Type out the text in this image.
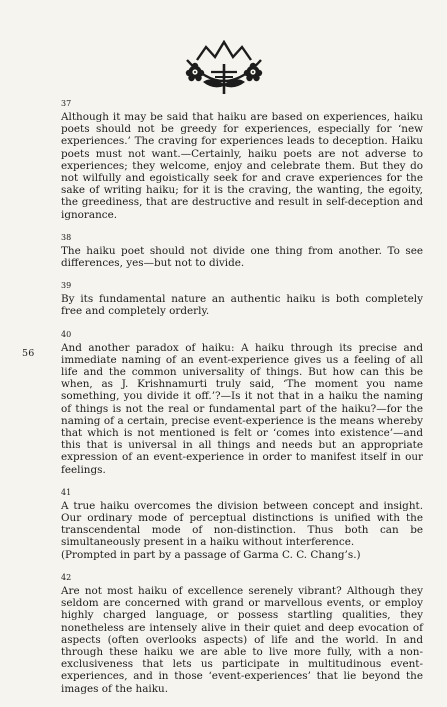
56

37

Although it may be said that haiku are based on experiences, haiku poets should not be greedy for experiences, especially for ‘new experiences.’ The craving for experiences leads to deception. Haiku poets must not want.—Certainly, haiku poets are not adverse to experiences; they welcome, enjoy and celebrate them. But they do not wilfully and egoistically seek for and crave experiences for the sake of writing haiku; for it is the craving, the wanting, the egoity, the greediness, that are destructive and result in self-deception and ignorance.

38

The haiku poet should not divide one thing from another. To see differences, yes—but not to divide.

39

By its fundamental nature an authentic haiku is both completely free and completely orderly.

40

And another paradox of haiku: A haiku through its precise and immediate naming of an event-experience gives us a feeling of all life and the common universality of things. But how can this be when, as J. Krishnamurti truly said, ‘The moment you name something, you divide it off.’?—Is it not that in a haiku the naming of things is not the real or fundamental part of the haiku?—for the naming of a certain, precise event-experience is the means whereby that which is not mentioned is felt or ‘comes into existence’—and this that is universal in all things and needs but an appropriate expression of an event-experience in order to manifest itself in our feelings.

41

A true haiku overcomes the division between concept and insight. Our ordinary mode of perceptual distinctions is unified with the transcendental mode of non-distinction. Thus both can be simultaneously present in a haiku without interference.

(Prompted in part by a passage of Garma C. C. Chang’s.)

42

Are not most haiku of excellence serenely vibrant? Although they seldom are concerned with grand or marvellous events, or employ highly charged language, or possess startling qualities, they nonetheless are intensely alive in their quiet and deep evocation of aspects (often overlooks aspects) of life and the world. In and through these haiku we are able to live more fully, with a non-exclusiveness that lets us participate in multitudinous event-experiences, and in those ‘event-experiences’ that lie beyond the images of the haiku.
